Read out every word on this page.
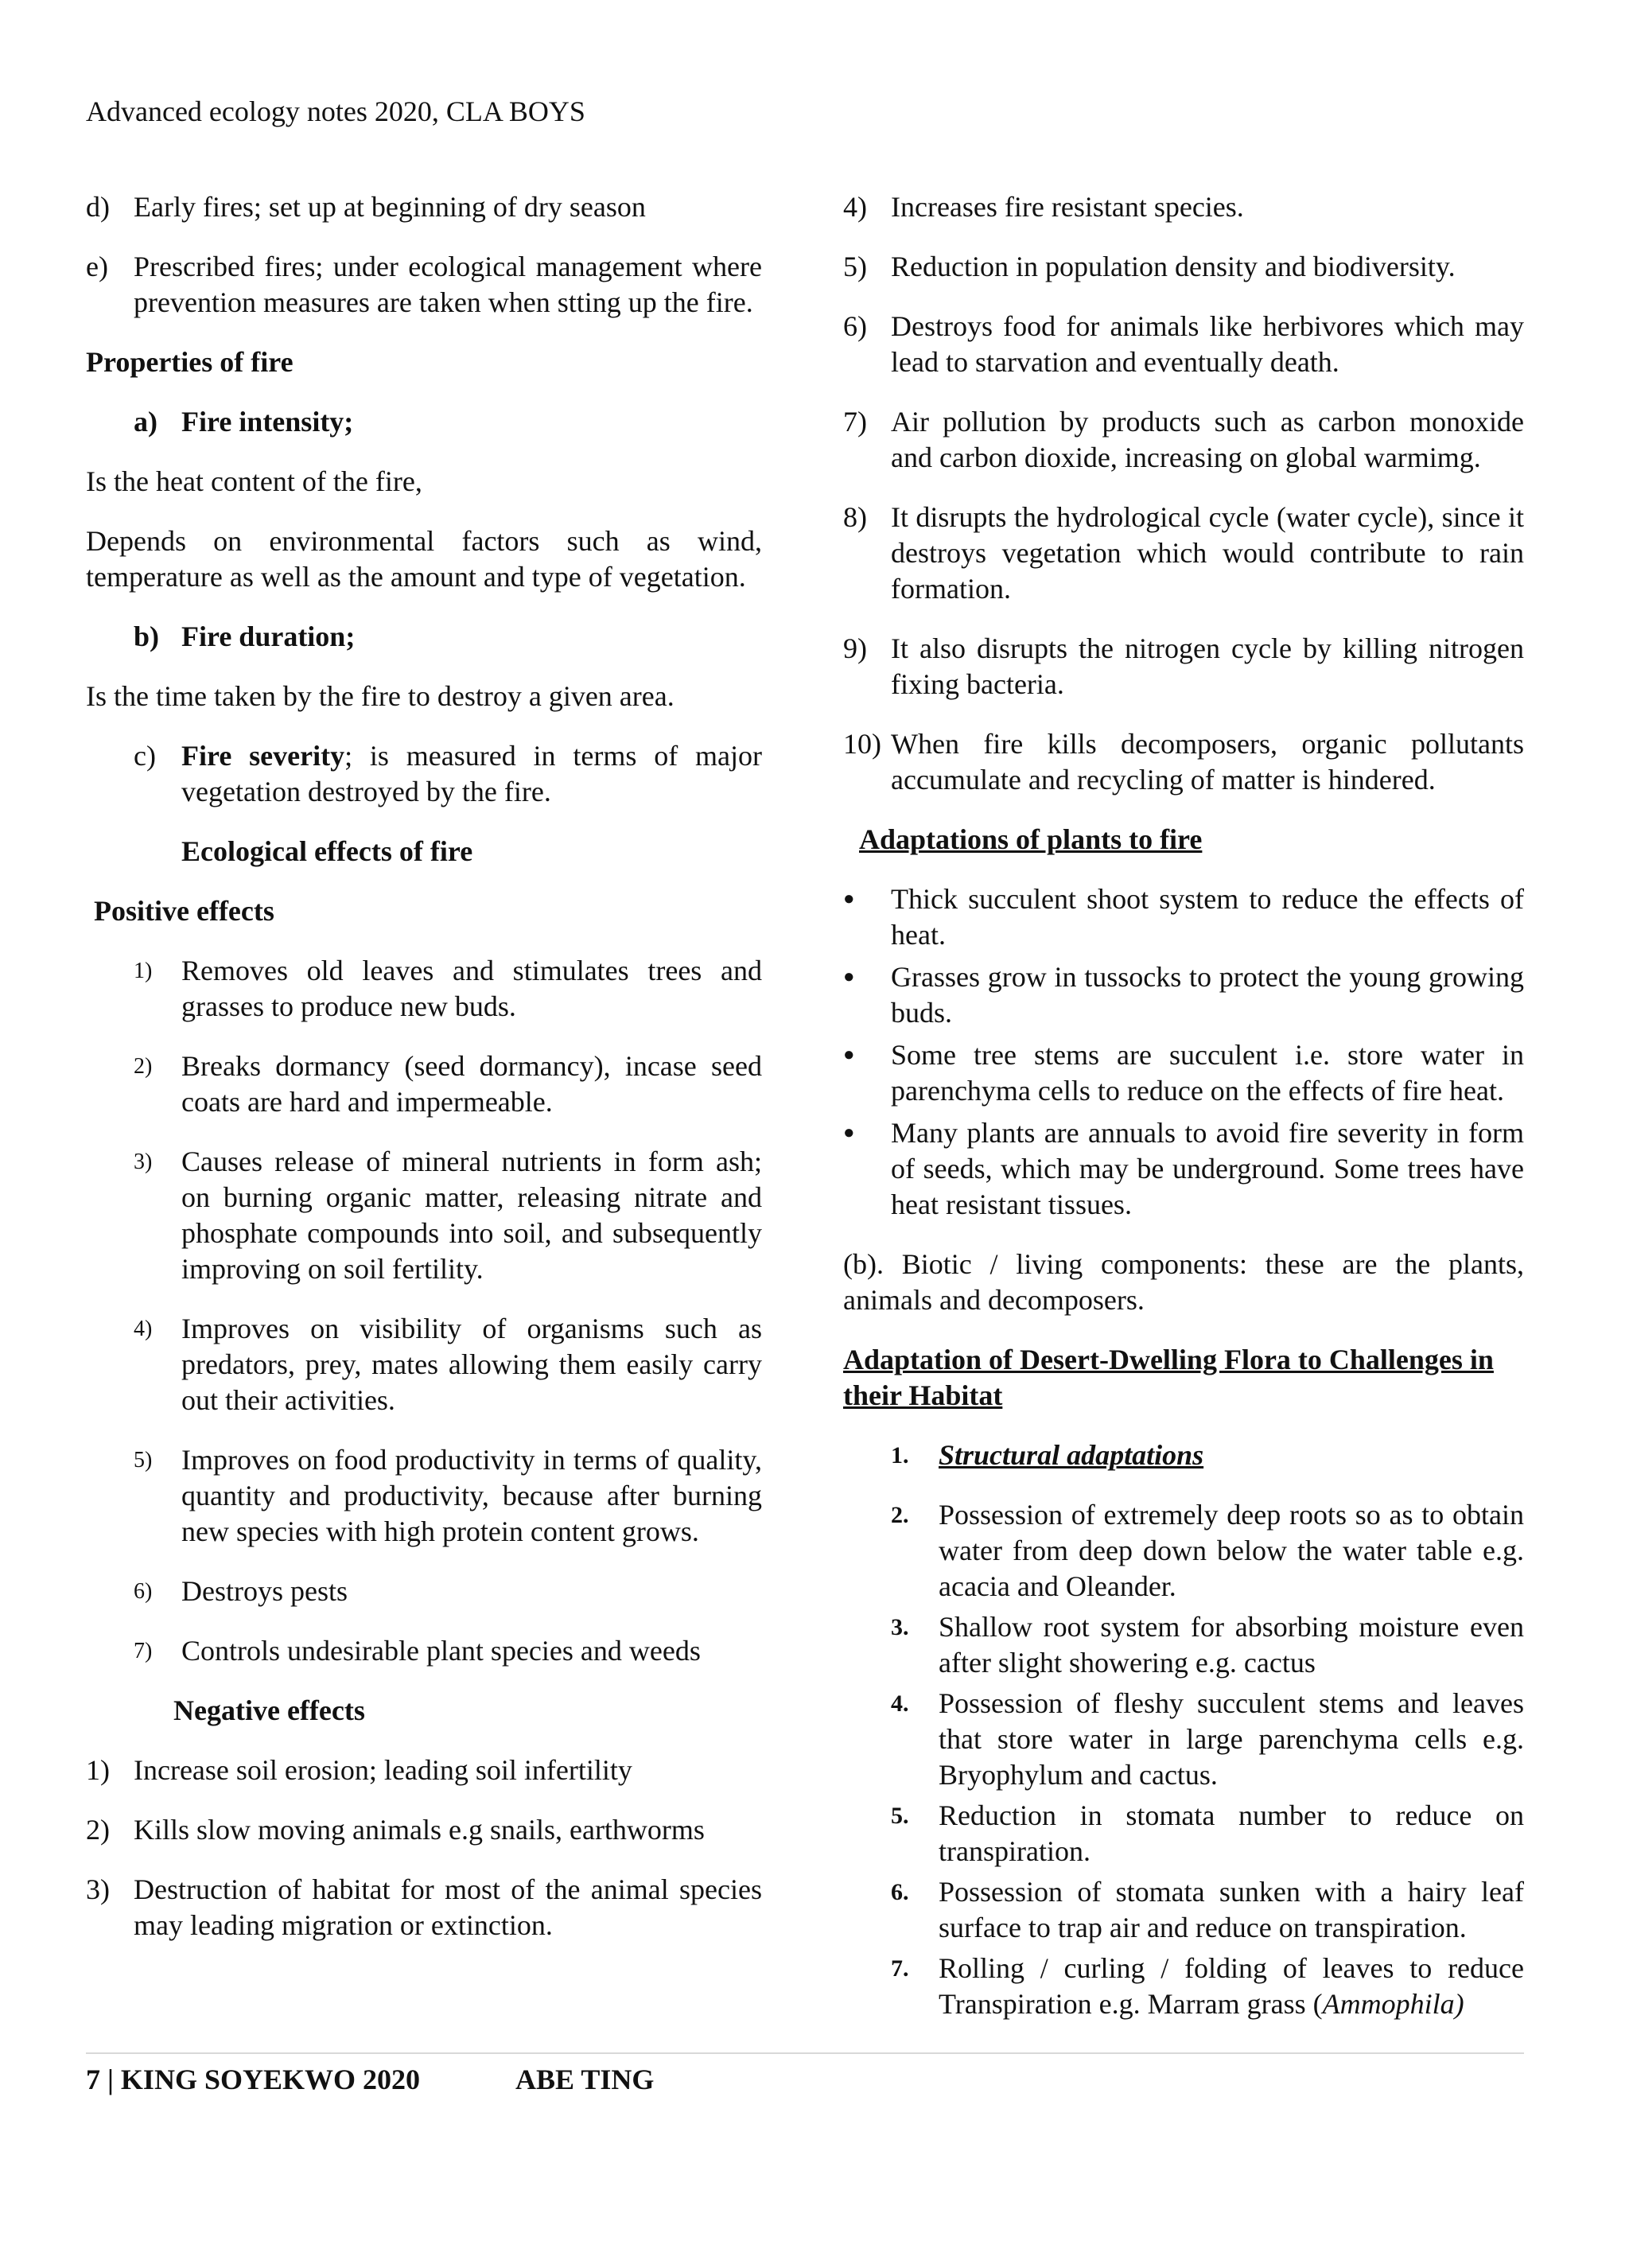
Advanced ecology notes 2020, CLA BOYS
d) Early fires; set up at beginning of dry season
e) Prescribed fires; under ecological management where prevention measures are taken when stting up the fire.

Properties of fire

a) Fire intensity;

Is the heat content of the fire,

Depends on environmental factors such as wind, temperature as well as the amount and type of vegetation.

b) Fire duration;

Is the time taken by the fire to destroy a given area.

c) Fire severity; is measured in terms of major vegetation destroyed by the fire.

Ecological effects of fire

Positive effects

1)	Removes old leaves and stimulates trees and grasses to produce new buds.
2)	Breaks dormancy (seed dormancy), incase seed coats are hard and impermeable.
3)	Causes release of mineral nutrients in form ash; on burning organic matter, releasing nitrate and phosphate compounds into soil, and subsequently improving on soil fertility.
4)	Improves on visibility of organisms such as predators, prey, mates allowing them easily carry out their activities.
5)	Improves on food productivity in terms of quality, quantity and productivity, because after burning new species with high protein content grows.
6)	Destroys pests
7)	Controls undesirable plant species and weeds

Negative effects

1) Increase soil erosion; leading soil infertility
2) Kills slow moving animals e.g snails, earthworms
3) Destruction of habitat for most of the animal species may leading migration or extinction.
4) Increases fire resistant species.
5) Reduction in population density and biodiversity.
6) Destroys food for animals like herbivores which may lead to starvation and eventually death.
7) Air pollution by products such as carbon monoxide and carbon dioxide, increasing on global warmimg.
8) It disrupts the hydrological cycle (water cycle), since it destroys vegetation which would contribute to rain formation.
9) It also disrupts the nitrogen cycle by killing nitrogen fixing bacteria.
10) When fire kills decomposers, organic pollutants accumulate and recycling of matter is hindered.

Adaptations of plants to fire

●	Thick succulent shoot system to reduce the effects of heat.
●	Grasses grow in tussocks to protect the young growing buds.
●	Some tree stems are succulent i.e. store water in parenchyma cells to reduce on the effects of fire heat.
●	Many plants are annuals to avoid fire severity in form of seeds, which may be underground. Some trees have heat resistant tissues.

(b). Biotic / living components: these are the plants, animals and decomposers.

Adaptation of Desert-Dwelling Flora to Challenges in their Habitat

1.	Structural adaptations
2.	Possession of extremely deep roots so as to obtain water from deep down below the water table e.g. acacia and Oleander.
3.	Shallow root system for absorbing moisture even after slight showering e.g. cactus
4.	Possession of fleshy succulent stems and leaves that store water in large parenchyma cells e.g. Bryophylum and cactus.
5.	Reduction in stomata number to reduce on transpiration.
6.	Possession of stomata sunken with a hairy leaf surface to trap air and reduce on transpiration.
7.	Rolling / curling / folding of leaves to reduce Transpiration e.g. Marram grass (Ammophila)
7 | KING SOYEKWO 2020	ABE TING
